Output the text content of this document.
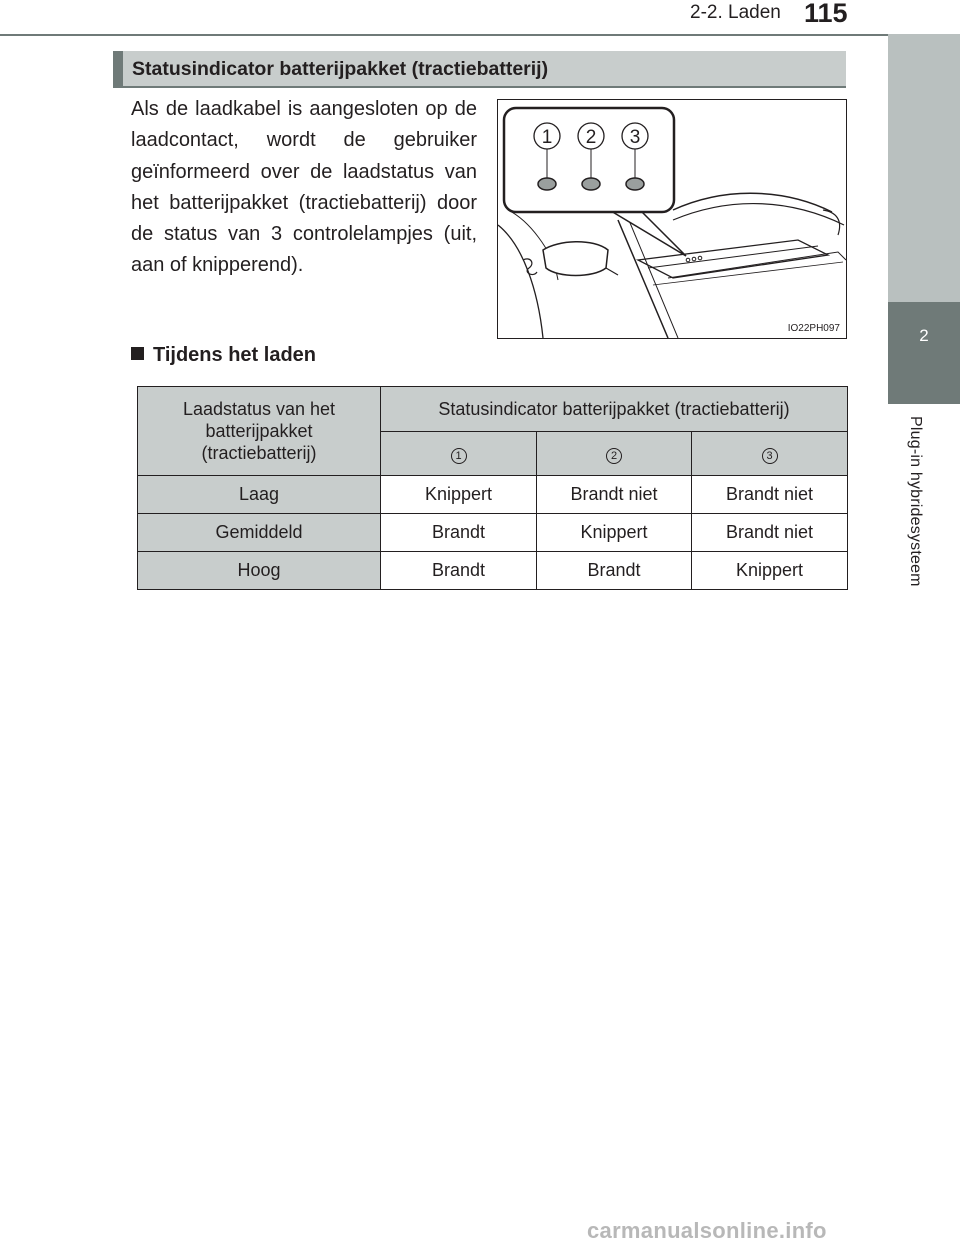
2-2. Laden 115
2
Plug-in hybridesysteem
Statusindicator batterijpakket (tractiebatterij)
Als de laadkabel is aangesloten op de laadcontact, wordt de gebruiker geïnformeerd over de laadstatus van het batterijpakket (tractiebatterij) door de status van 3 controlelampjes (uit, aan of knipperend).
1 2 3
IO22PH097
Tijdens het laden
Laadstatus van het batterijpakket (tractiebatterij)	Statusindicator batterijpakket (tractiebatterij)		
	1	2	3
Laag	Knippert	Brandt niet	Brandt niet
Gemiddeld	Brandt	Knippert	Brandt niet
Hoog	Brandt	Brandt	Knippert
carmanualsonline.info
